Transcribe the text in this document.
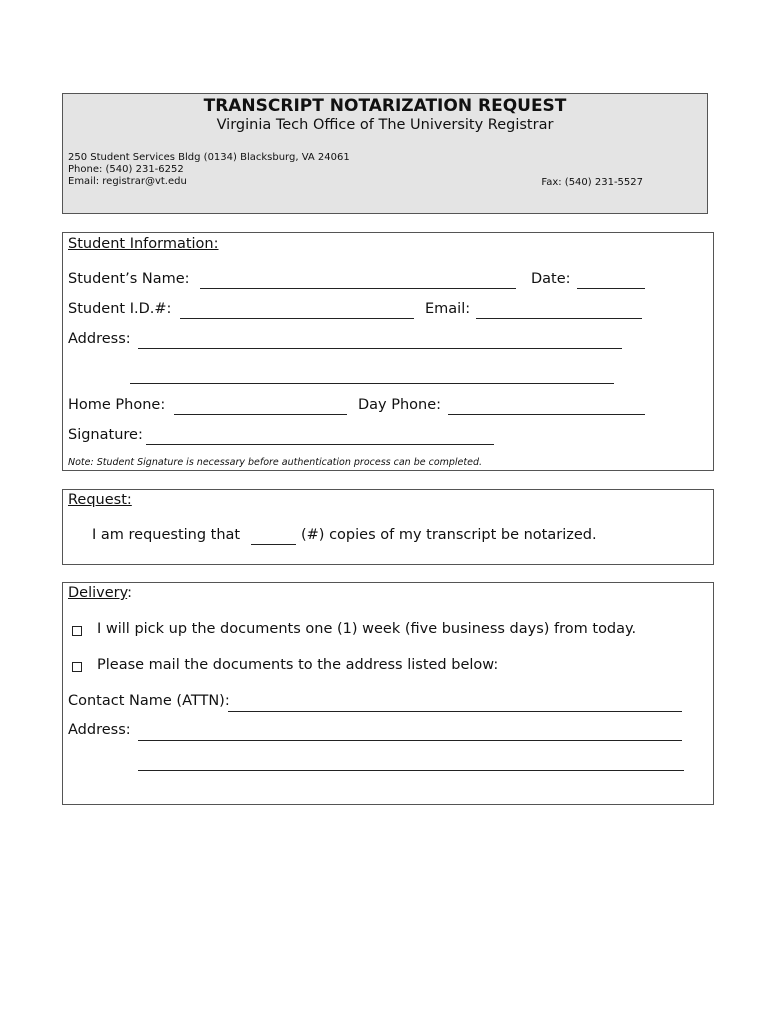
TRANSCRIPT NOTARIZATION REQUEST
Virginia Tech Office of The University Registrar
250 Student Services Bldg (0134) Blacksburg, VA 24061
Phone: (540) 231-6252
Email: registrar@vt.edu	Fax: (540) 231-5527
Student Information:
Student’s Name:	Date:
Student I.D.#:	Email:
Address:
Home Phone:	Day Phone:
Signature:
Note: Student Signature is necessary before authentication process can be completed.
Request:
I am requesting that	(#) copies of my transcript be notarized.
Delivery:
I will pick up the documents one (1) week (five business days) from today.
Please mail the documents to the address listed below:
Contact Name (ATTN):
Address:
